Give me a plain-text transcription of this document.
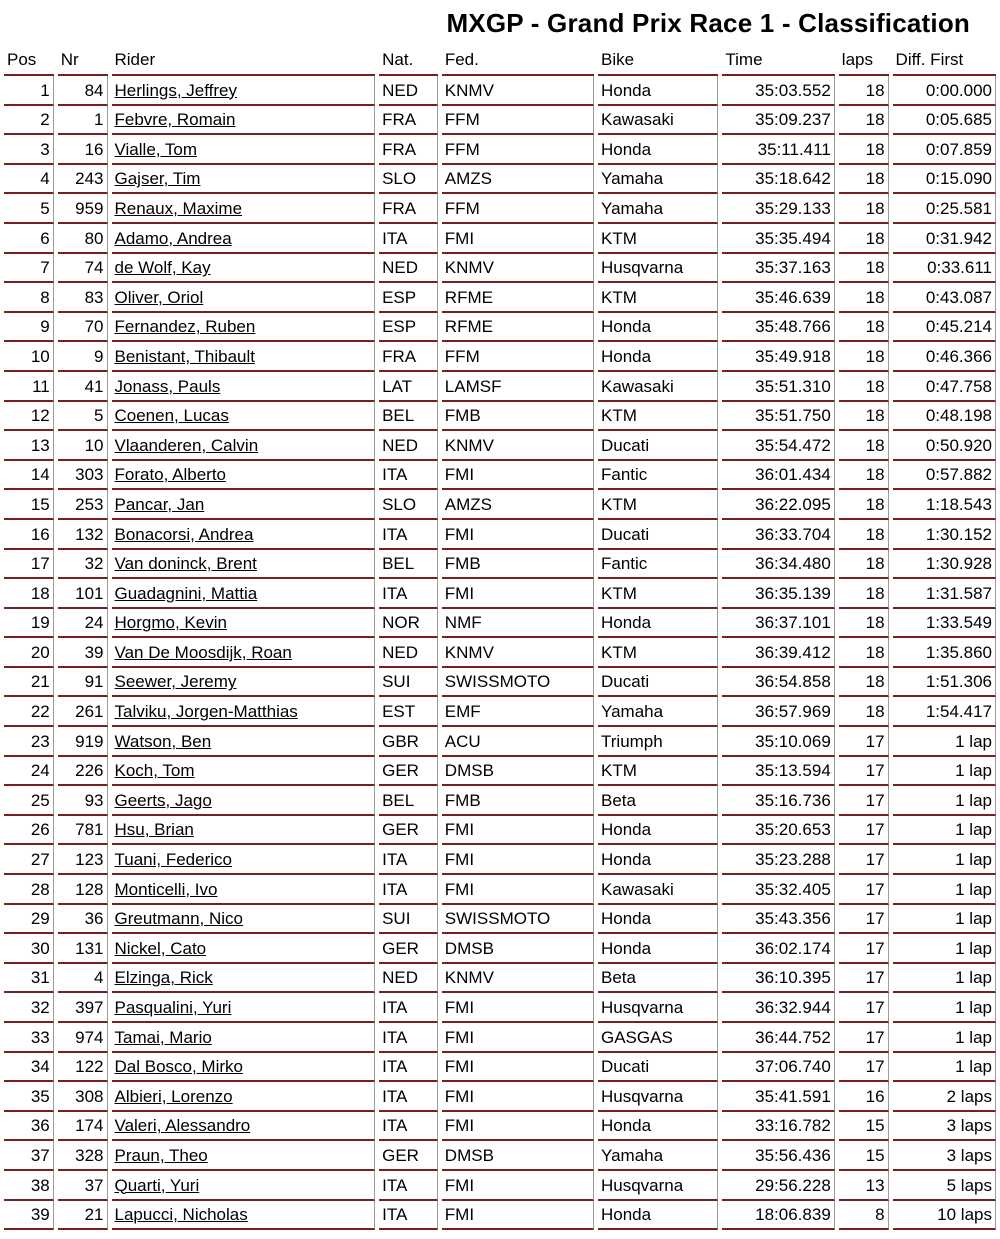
MXGP - Grand Prix Race 1 - Classification
Pos	Nr	Rider	Nat.	Fed.	Bike	Time	laps	Diff. First
1	84 Herlings, Jeffrey	NED	KNMV	Honda	35:03.552	18	0:00.000
2	1 Febvre, Romain	FRA	FFM	Kawasaki	35:09.237	18	0:05.685
3	16 Vialle, Tom	FRA	FFM	Honda	35:11.411	18	0:07.859
4	243 Gajser, Tim	SLO	AMZS	Yamaha	35:18.642	18	0:15.090
5	959 Renaux, Maxime	FRA	FFM	Yamaha	35:29.133	18	0:25.581
6	80 Adamo, Andrea	ITA	FMI	KTM	35:35.494	18	0:31.942
7	74 de Wolf, Kay	NED	KNMV	Husqvarna	35:37.163	18	0:33.611
8	83 Oliver, Oriol	ESP	RFME	KTM	35:46.639	18	0:43.087
9	70 Fernandez, Ruben	ESP	RFME	Honda	35:48.766	18	0:45.214
10	9 Benistant, Thibault	FRA	FFM	Honda	35:49.918	18	0:46.366
11	41 Jonass, Pauls	LAT	LAMSF	Kawasaki	35:51.310	18	0:47.758
12	5 Coenen, Lucas	BEL	FMB	KTM	35:51.750	18	0:48.198
13	10 Vlaanderen, Calvin	NED	KNMV	Ducati	35:54.472	18	0:50.920
14	303 Forato, Alberto	ITA	FMI	Fantic	36:01.434	18	0:57.882
15	253 Pancar, Jan	SLO	AMZS	KTM	36:22.095	18	1:18.543
16	132 Bonacorsi, Andrea	ITA	FMI	Ducati	36:33.704	18	1:30.152
17	32 Van doninck, Brent	BEL	FMB	Fantic	36:34.480	18	1:30.928
18	101 Guadagnini, Mattia	ITA	FMI	KTM	36:35.139	18	1:31.587
19	24 Horgmo, Kevin	NOR	NMF	Honda	36:37.101	18	1:33.549
20	39 Van De Moosdijk, Roan	NED	KNMV	KTM	36:39.412	18	1:35.860
21	91 Seewer, Jeremy	SUI	SWISSMOTO	Ducati	36:54.858	18	1:51.306
22	261 Talviku, Jorgen-Matthias	EST	EMF	Yamaha	36:57.969	18	1:54.417
23	919 Watson, Ben	GBR	ACU	Triumph	35:10.069	17	1 lap
24	226 Koch, Tom	GER	DMSB	KTM	35:13.594	17	1 lap
25	93 Geerts, Jago	BEL	FMB	Beta	35:16.736	17	1 lap
26	781 Hsu, Brian	GER	FMI	Honda	35:20.653	17	1 lap
27	123 Tuani, Federico	ITA	FMI	Honda	35:23.288	17	1 lap
28	128 Monticelli, Ivo	ITA	FMI	Kawasaki	35:32.405	17	1 lap
29	36 Greutmann, Nico	SUI	SWISSMOTO	Honda	35:43.356	17	1 lap
30	131 Nickel, Cato	GER	DMSB	Honda	36:02.174	17	1 lap
31	4 Elzinga, Rick	NED	KNMV	Beta	36:10.395	17	1 lap
32	397 Pasqualini, Yuri	ITA	FMI	Husqvarna	36:32.944	17	1 lap
33	974 Tamai, Mario	ITA	FMI	GASGAS	36:44.752	17	1 lap
34	122 Dal Bosco, Mirko	ITA	FMI	Ducati	37:06.740	17	1 lap
35	308 Albieri, Lorenzo	ITA	FMI	Husqvarna	35:41.591	16	2 laps
36	174 Valeri, Alessandro	ITA	FMI	Honda	33:16.782	15	3 laps
37	328 Praun, Theo	GER	DMSB	Yamaha	35:56.436	15	3 laps
38	37 Quarti, Yuri	ITA	FMI	Husqvarna	29:56.228	13	5 laps
39	21 Lapucci, Nicholas	ITA	FMI	Honda	18:06.839	8	10 laps
